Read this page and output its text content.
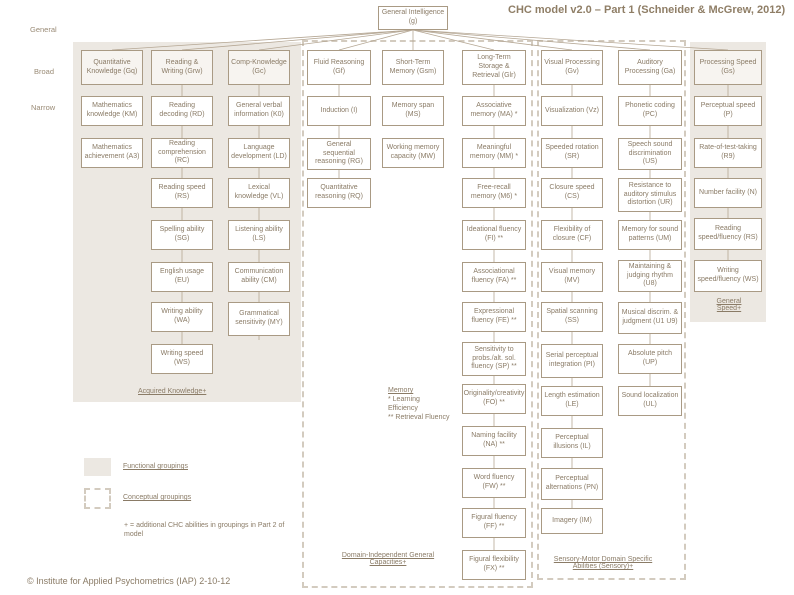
CHC model v2.0 – Part 1 (Schneider & McGrew, 2012)
General
Broad
Narrow
General Intelligence (g)
Quantitative Knowledge (Gq)
Reading & Writing (Grw)
Comp-Knowledge (Gc)
Fluid Reasoning (Gf)
Short-Term Memory (Gsm)
Long-Term Storage & Retrieval (Glr)
Visual Processing (Gv)
Auditory Processing (Ga)
Processing Speed (Gs)
Mathematics knowledge (KM)
Mathematics achievement (A3)
Reading decoding (RD)
Reading comprehension (RC)
Reading speed (RS)
Spelling ability (SG)
English usage (EU)
Writing ability (WA)
Writing speed (WS)
General verbal information (K0)
Language development (LD)
Lexical knowledge (VL)
Listening ability (LS)
Communication ability (CM)
Grammatical sensitivity (MY)
Induction (I)
General sequential reasoning (RG)
Quantitative reasoning (RQ)
Memory span (MS)
Working memory capacity (MW)
Associative memory (MA) *
Meaningful memory (MM) *
Free-recall memory (M6) *
Ideational fluency (FI) **
Associational fluency (FA) **
Expressional fluency (FE) **
Sensitivity to probs./alt. sol. fluency (SP) **
Originality/creativity (FO) **
Naming facility (NA) **
Word fluency (FW) **
Figural fluency (FF) **
Figural flexibility (FX) **
Visualization (Vz)
Speeded rotation (SR)
Closure speed (CS)
Flexibility of closure (CF)
Visual memory (MV)
Spatial scanning (SS)
Serial perceptual integration (PI)
Length estimation (LE)
Perceptual illusions (IL)
Perceptual alternations (PN)
Imagery (IM)
Phonetic coding (PC)
Speech sound discrimination (US)
Resistance to auditory stimulus distortion (UR)
Memory for sound patterns (UM)
Maintaining & judging rhythm (U8)
Musical discrim. & judgment (U1 U9)
Absolute pitch (UP)
Sound localization (UL)
Perceptual speed (P)
Rate-of-test-taking (R9)
Number facility (N)
Reading speed/fluency (RS)
Writing speed/fluency (WS)
Acquired Knowledge+
General Speed+
Domain-Independent General Capacities+	Sensory-Motor Domain Specific Abilities (Sensory)+
Memory
* Learning Efficiency
** Retrieval Fluency
Functional groupings
Conceptual groupings
+ = additional CHC abilities in groupings in Part 2 of model
© Institute for Applied Psychometrics (IAP) 2-10-12
